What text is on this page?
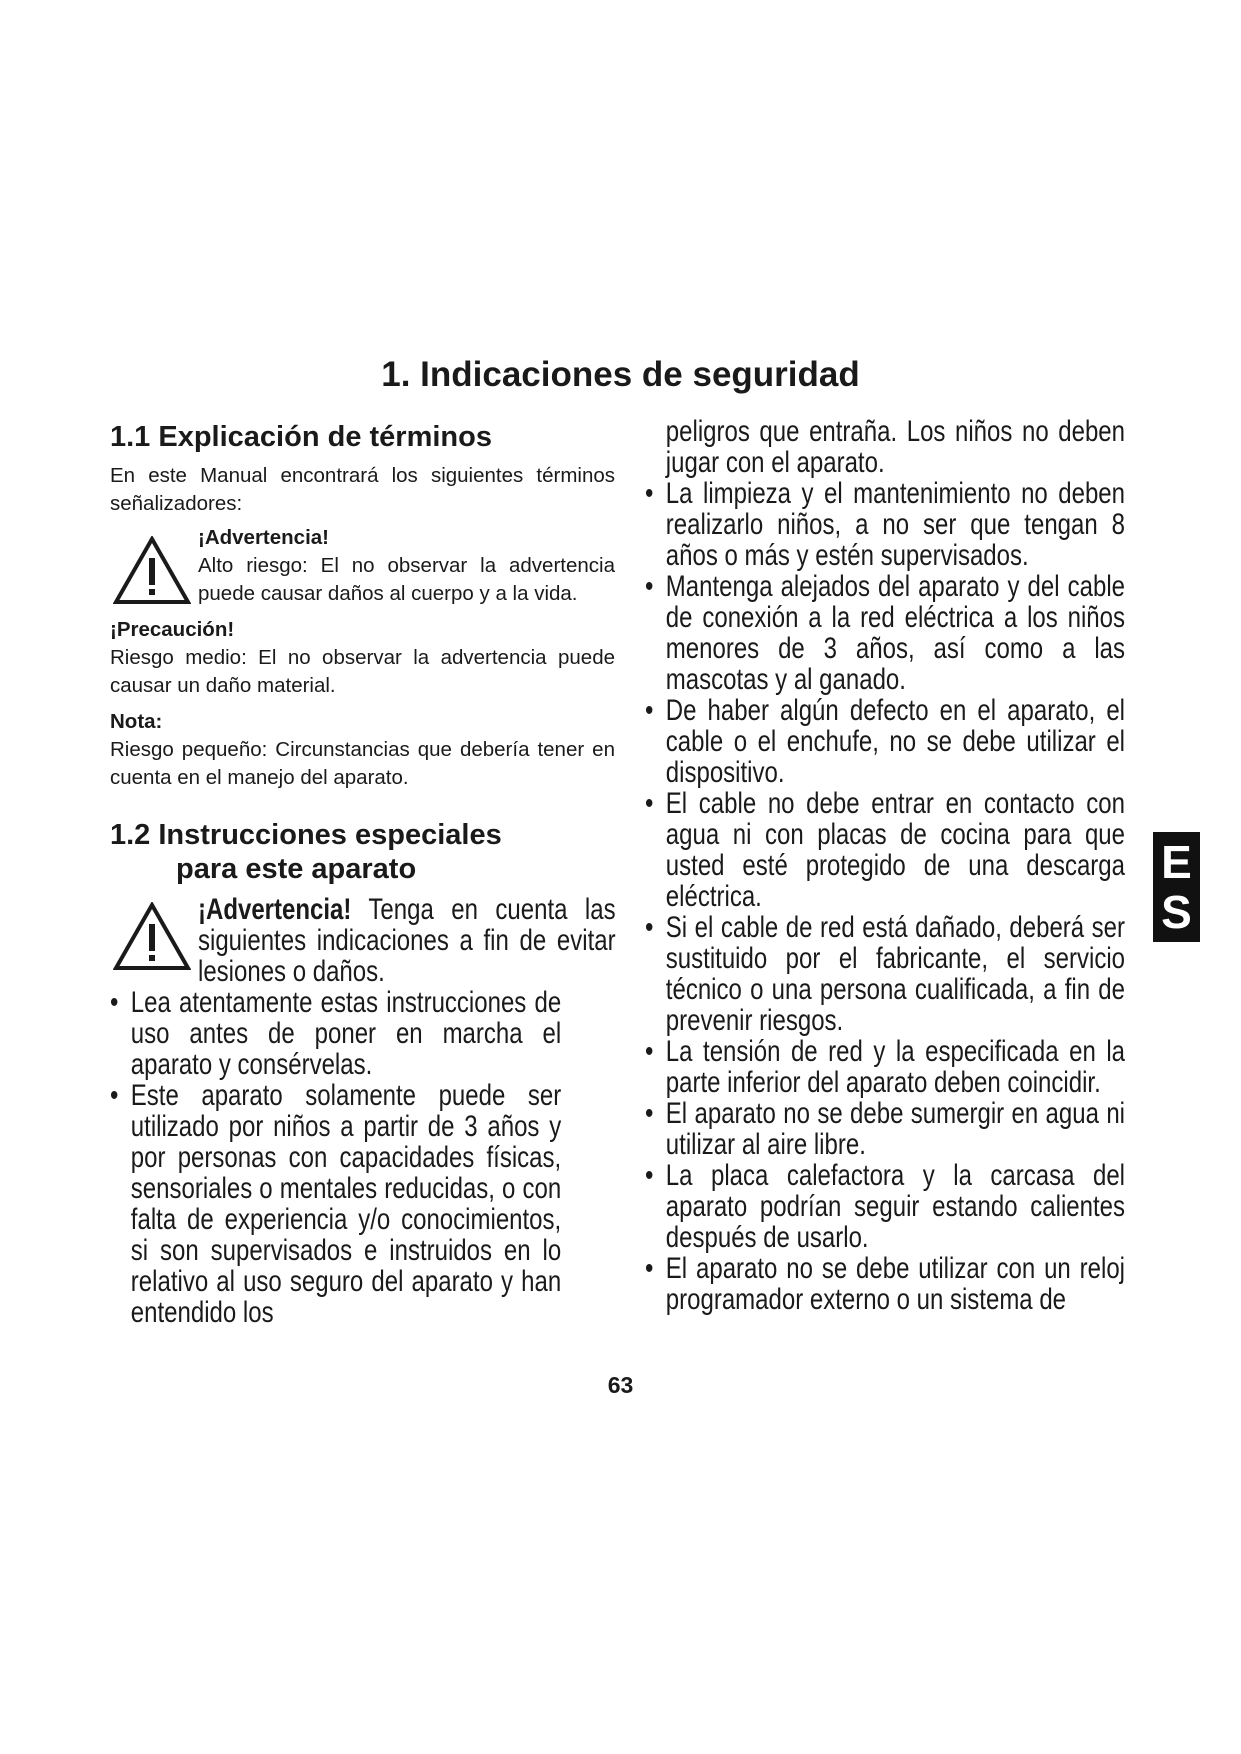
1. Indicaciones de seguridad
1.1 Explicación de términos

En este Manual encontrará los siguientes términos señalizadores:

¡Advertencia!

Alto riesgo: El no observar la advertencia puede causar daños al cuerpo y a la vida.

¡Precaución!

Riesgo medio: El no observar la advertencia puede causar un daño material.

Nota:

Riesgo pequeño: Circunstancias que debería tener en cuenta en el manejo del aparato.

1.2 Instrucciones especiales
para este aparato
¡Advertencia! Tenga en cuenta las siguientes indicaciones a fin de evitar lesiones o daños.
• Lea atentamente estas instrucciones de uso antes de poner en marcha el aparato y consérvelas.
• Este aparato solamente puede ser utilizado por niños a partir de 3 años y por personas con capacidades físicas, sensoriales o mentales reducidas, o con falta de experiencia y/o conocimientos, si son supervisados e instruidos en lo relativo al uso seguro del aparato y han entendido los
peligros que entraña. Los niños no deben jugar con el aparato.
• La limpieza y el mantenimiento no deben realizarlo niños, a no ser que tengan 8 años o más y estén supervisados.
• Mantenga alejados del aparato y del cable de conexión a la red eléctrica a los niños menores de 3 años, así como a las mascotas y al ganado.
• De haber algún defecto en el aparato, el cable o el enchufe, no se debe utilizar el dispositivo.
• El cable no debe entrar en contacto con agua ni con placas de cocina para que usted esté protegido de una descarga eléctrica.
• Si el cable de red está dañado, deberá ser sustituido por el fabricante, el servicio técnico o una persona cualificada, a fin de prevenir riesgos.
• La tensión de red y la especificada en la parte inferior del aparato deben coincidir.
• El aparato no se debe sumergir en agua ni utilizar al aire libre.
• La placa calefactora y la carcasa del aparato podrían seguir estando calientes después de usarlo.
• El aparato no se debe utilizar con un reloj programador externo o un sistema de
E
S
63
